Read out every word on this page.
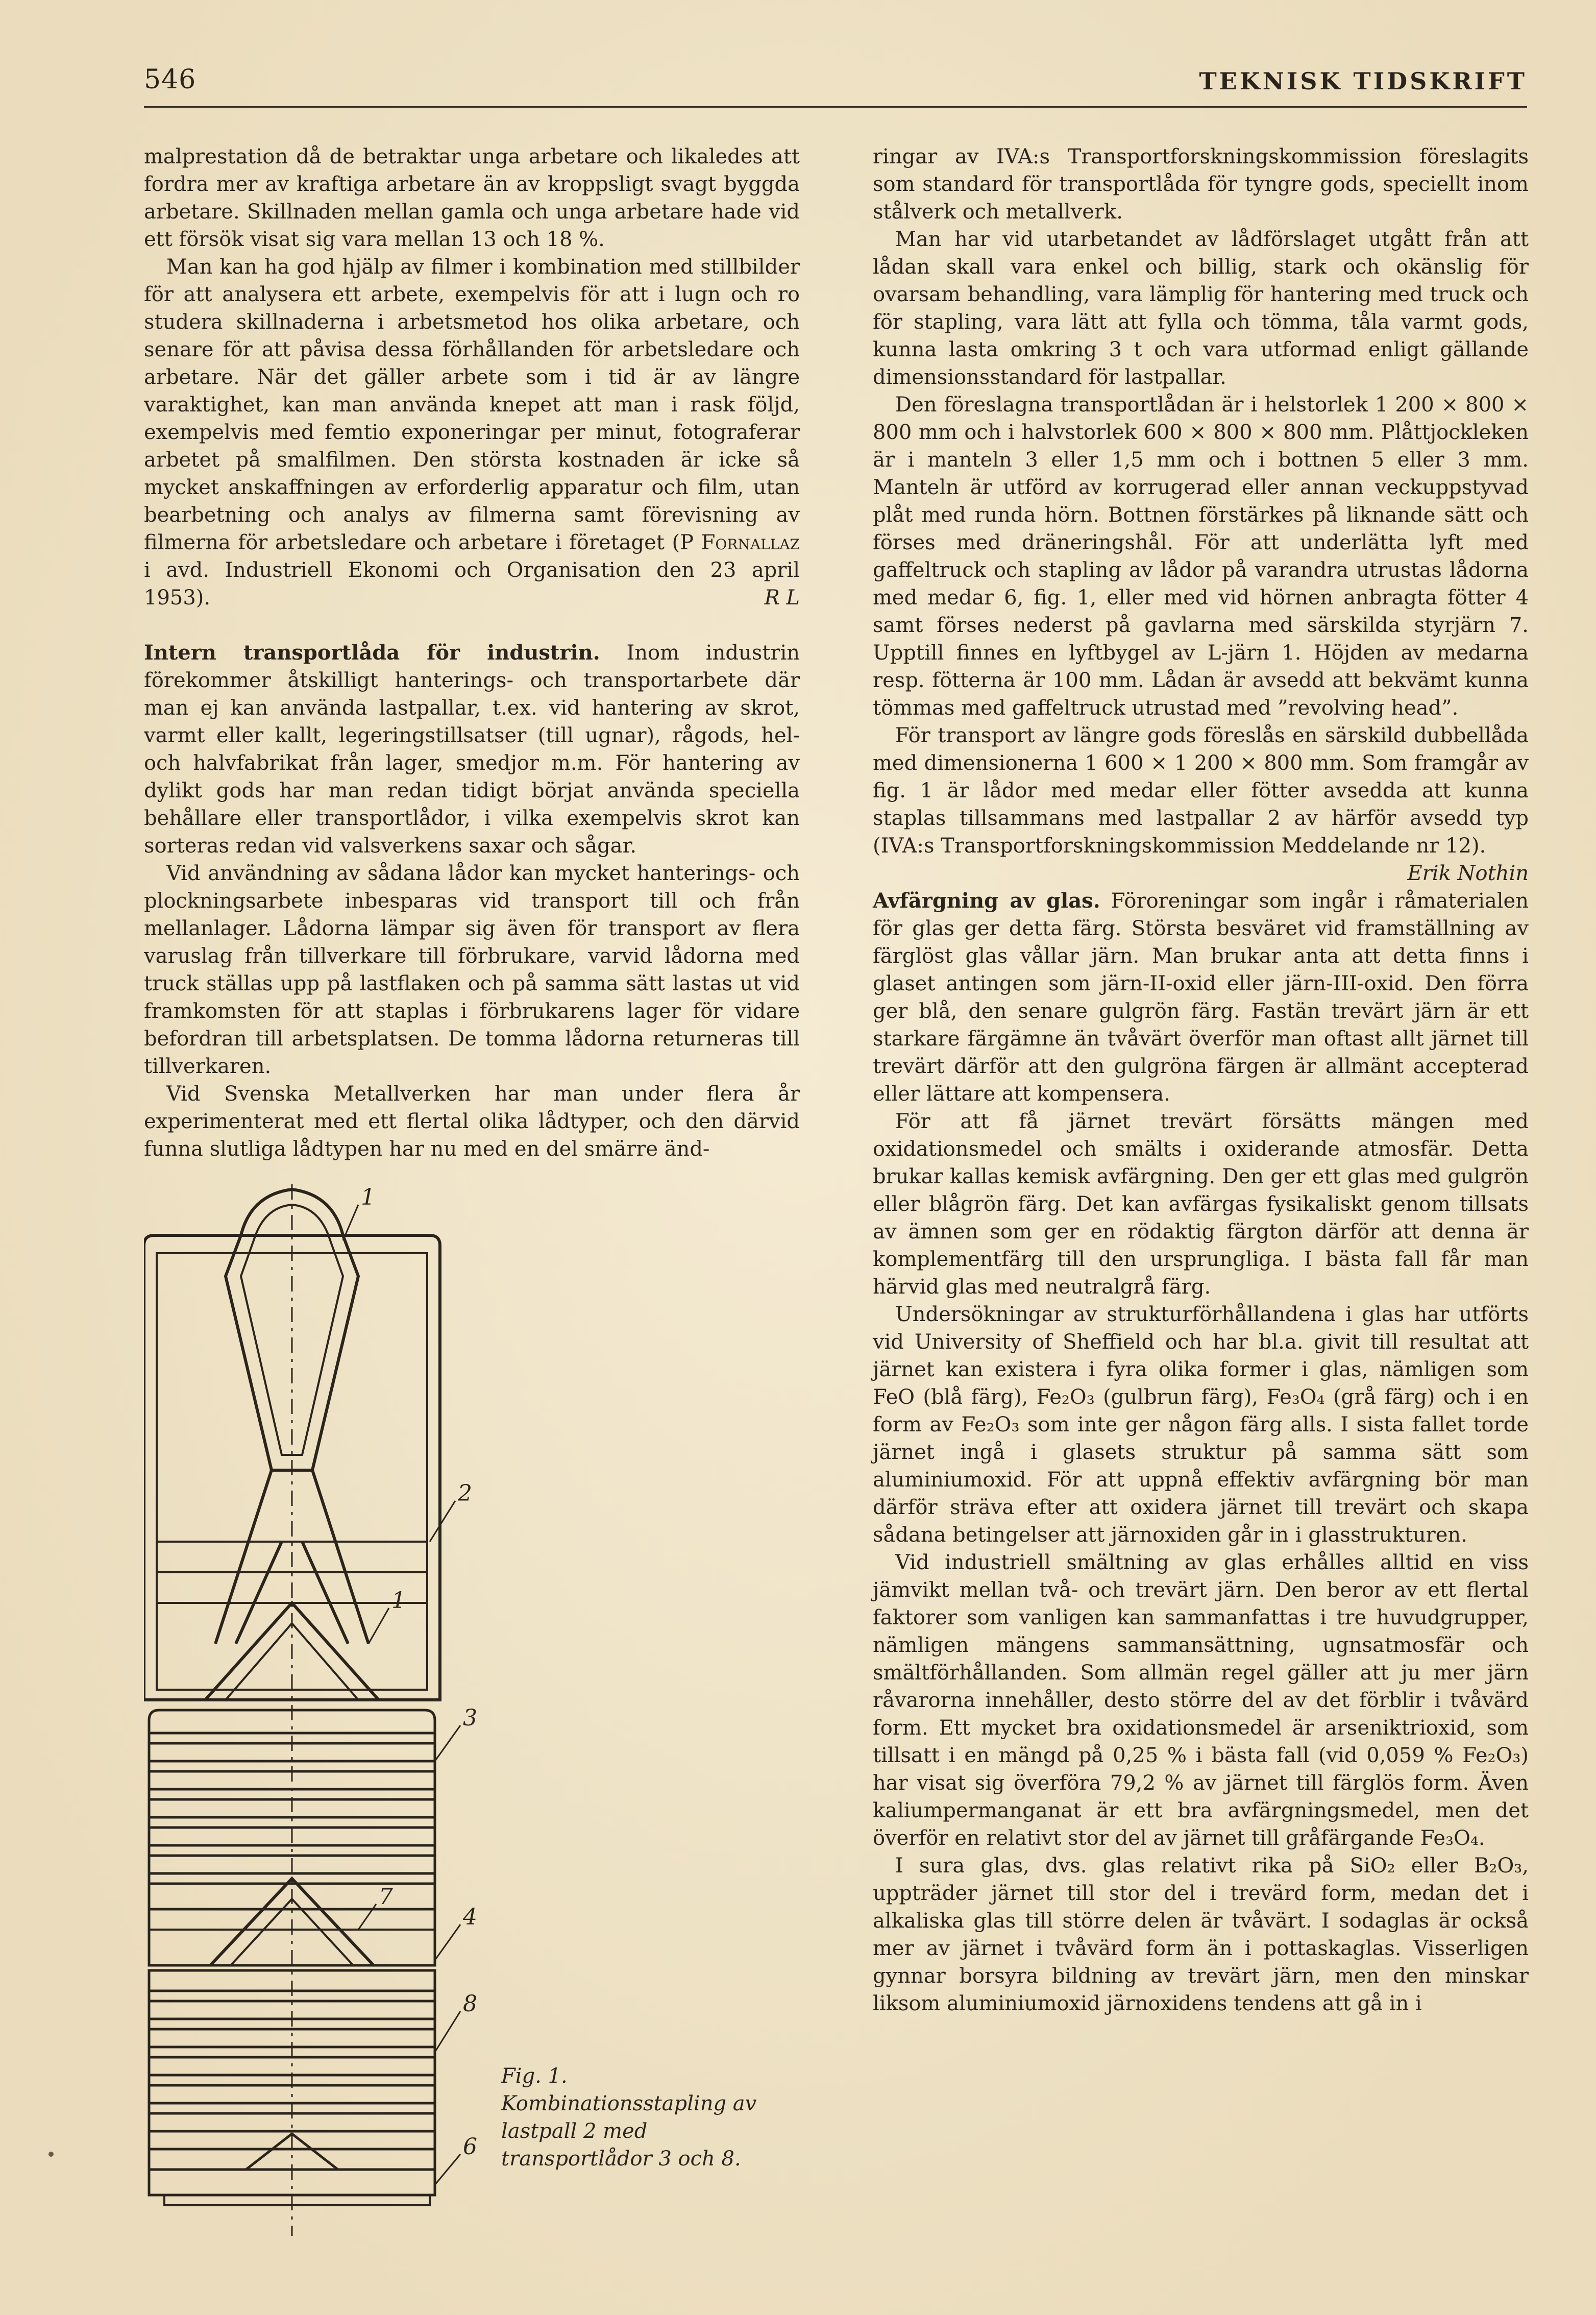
546	TEKNISK TIDSKRIFT

malprestation då de betraktar unga arbetare och likaledes att fordra mer av kraftiga arbetare än av kroppsligt svagt byggda arbetare. Skillnaden mellan gamla och unga arbetare hade vid ett försök visat sig vara mellan 13 och 18 %.

Man kan ha god hjälp av filmer i kombination med stillbilder för att analysera ett arbete, exempelvis för att i lugn och ro studera skillnaderna i arbetsmetod hos olika arbetare, och senare för att påvisa dessa förhållanden för arbetsledare och arbetare. När det gäller arbete som i tid är av längre varaktighet, kan man använda knepet att man i rask följd, exempelvis med femtio exponeringar per minut, fotograferar arbetet på smalfilmen. Den största kostnaden är icke så mycket anskaffningen av erforderlig apparatur och film, utan bearbetning och analys av filmerna samt förevisning av filmerna för arbetsledare och arbetare i företaget (P Fornallaz i avd. Industriell Ekonomi och Organisation den 23 april 1953).	R L

Intern transportlåda för industrin. Inom industrin förekommer åtskilligt hanterings- och transportarbete där man ej kan använda lastpallar, t.ex. vid hantering av skrot, varmt eller kallt, legeringstillsatser (till ugnar), rågods, hel- och halvfabrikat från lager, smedjor m.m. För hantering av dylikt gods har man redan tidigt börjat använda speciella behållare eller transportlådor, i vilka exempelvis skrot kan sorteras redan vid valsverkens saxar och sågar.

Vid användning av sådana lådor kan mycket hanterings- och plockningsarbete inbesparas vid transport till och från mellanlager. Lådorna lämpar sig även för transport av flera varuslag från tillverkare till förbrukare, varvid lådorna med truck ställas upp på lastflaken och på samma sätt lastas ut vid framkomsten för att staplas i förbrukarens lager för vidare befordran till arbetsplatsen. De tomma lådorna returneras till tillverkaren.

Vid Svenska Metallverken har man under flera år experimenterat med ett flertal olika lådtyper, och den därvid funna slutliga lådtypen har nu med en del smärre änd-

1
2
1
3
7
4
8
6
Fig. 1. Kombinationsstapling av lastpall 2 med transportlådor 3 och 8.

ringar av IVA:s Transportforskningskommission föreslagits som standard för transportlåda för tyngre gods, speciellt inom stålverk och metallverk.

Man har vid utarbetandet av lådförslaget utgått från att lådan skall vara enkel och billig, stark och okänslig för ovarsam behandling, vara lämplig för hantering med truck och för stapling, vara lätt att fylla och tömma, tåla varmt gods, kunna lasta omkring 3 t och vara utformad enligt gällande dimensionsstandard för lastpallar.

Den föreslagna transportlådan är i helstorlek 1 200 × 800 × 800 mm och i halvstorlek 600 × 800 × 800 mm. Plåttjockleken är i manteln 3 eller 1,5 mm och i bottnen 5 eller 3 mm. Manteln är utförd av korrugerad eller annan veckuppstyvad plåt med runda hörn. Bottnen förstärkes på liknande sätt och förses med dräneringshål. För att underlätta lyft med gaffeltruck och stapling av lådor på varandra utrustas lådorna med medar 6, fig. 1, eller med vid hörnen anbragta fötter 4 samt förses nederst på gavlarna med särskilda styrjärn 7. Upptill finnes en lyftbygel av L-järn 1. Höjden av medarna resp. fötterna är 100 mm. Lådan är avsedd att bekvämt kunna tömmas med gaffeltruck utrustad med ”revolving head”.

För transport av längre gods föreslås en särskild dubbellåda med dimensionerna 1 600 × 1 200 × 800 mm. Som framgår av fig. 1 är lådor med medar eller fötter avsedda att kunna staplas tillsammans med lastpallar 2 av härför avsedd typ (IVA:s Transportforskningskommission Meddelande nr 12).
Erik Nothin

Avfärgning av glas. Föroreningar som ingår i råmaterialen för glas ger detta färg. Största besväret vid framställning av färglöst glas vållar järn. Man brukar anta att detta finns i glaset antingen som järn-II-oxid eller järn-III-oxid. Den förra ger blå, den senare gulgrön färg. Fastän trevärt järn är ett starkare färgämne än tvåvärt överför man oftast allt järnet till trevärt därför att den gulgröna färgen är allmänt accepterad eller lättare att kompensera.

För att få järnet trevärt försätts mängen med oxidationsmedel och smälts i oxiderande atmosfär. Detta brukar kallas kemisk avfärgning. Den ger ett glas med gulgrön eller blågrön färg. Det kan avfärgas fysikaliskt genom tillsats av ämnen som ger en rödaktig färgton därför att denna är komplementfärg till den ursprungliga. I bästa fall får man härvid glas med neutralgrå färg.

Undersökningar av strukturförhållandena i glas har utförts vid University of Sheffield och har bl.a. givit till resultat att järnet kan existera i fyra olika former i glas, nämligen som FeO (blå färg), Fe₂O₃ (gulbrun färg), Fe₃O₄ (grå färg) och i en form av Fe₂O₃ som inte ger någon färg alls. I sista fallet torde järnet ingå i glasets struktur på samma sätt som aluminiumoxid. För att uppnå effektiv avfärgning bör man därför sträva efter att oxidera järnet till trevärt och skapa sådana betingelser att järnoxiden går in i glasstrukturen.

Vid industriell smältning av glas erhålles alltid en viss jämvikt mellan två- och trevärt järn. Den beror av ett flertal faktorer som vanligen kan sammanfattas i tre huvudgrupper, nämligen mängens sammansättning, ugnsatmosfär och smältförhållanden. Som allmän regel gäller att ju mer järn råvarorna innehåller, desto större del av det förblir i tvåvärd form. Ett mycket bra oxidationsmedel är arseniktrioxid, som tillsatt i en mängd på 0,25 % i bästa fall (vid 0,059 % Fe₂O₃) har visat sig överföra 79,2 % av järnet till färglös form. Även kaliumpermanganat är ett bra avfärgningsmedel, men det överför en relativt stor del av järnet till gråfärgande Fe₃O₄.

I sura glas, dvs. glas relativt rika på SiO₂ eller B₂O₃, uppträder järnet till stor del i trevärd form, medan det i alkaliska glas till större delen är tvåvärt. I sodaglas är också mer av järnet i tvåvärd form än i pottaskaglas. Visserligen gynnar borsyra bildning av trevärt järn, men den minskar liksom aluminiumoxid järnoxidens tendens att gå in i
